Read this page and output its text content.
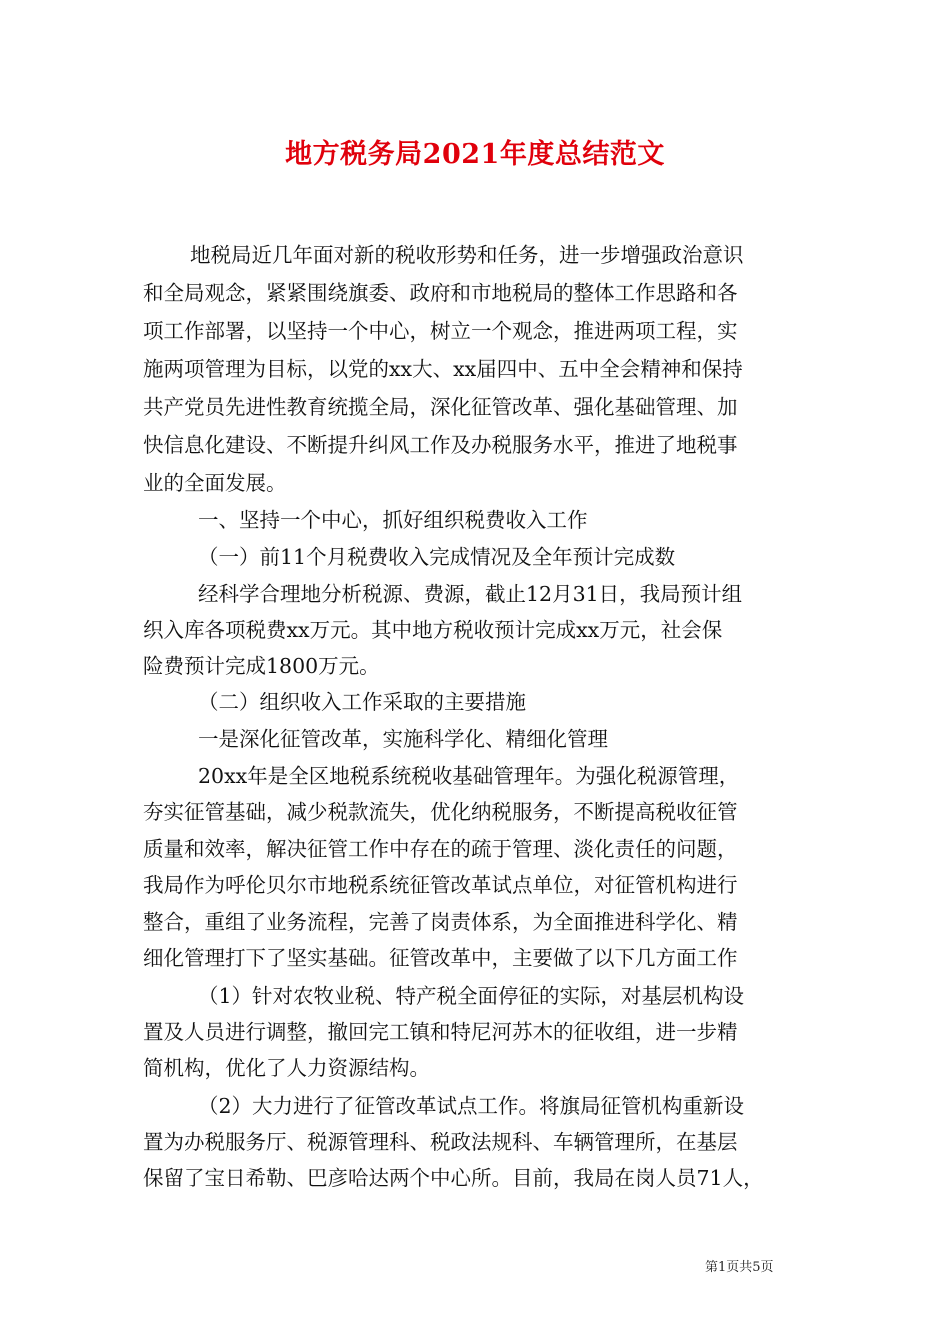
地方税务局2021年度总结范文

地税局近几年面对新的税收形势和任务，进一步增强政治意识

和全局观念，紧紧围绕旗委、政府和市地税局的整体工作思路和各

项工作部署，以坚持一个中心，树立一个观念，推进两项工程，实

施两项管理为目标，以党的xx大、xx届四中、五中全会精神和保持

共产党员先进性教育统揽全局，深化征管改革、强化基础管理、加

快信息化建设、不断提升纠风工作及办税服务水平，推进了地税事

业的全面发展。

一、坚持一个中心，抓好组织税费收入工作

（一）前11个月税费收入完成情况及全年预计完成数

经科学合理地分析税源、费源，截止12月31日，我局预计组

织入库各项税费xx万元。其中地方税收预计完成xx万元，社会保

险费预计完成1800万元。

（二）组织收入工作采取的主要措施

一是深化征管改革，实施科学化、精细化管理

20xx年是全区地税系统税收基础管理年。为强化税源管理，

夯实征管基础，减少税款流失，优化纳税服务，不断提高税收征管

质量和效率，解决征管工作中存在的疏于管理、淡化责任的问题，

我局作为呼伦贝尔市地税系统征管改革试点单位，对征管机构进行

整合，重组了业务流程，完善了岗责体系，为全面推进科学化、精

细化管理打下了坚实基础。征管改革中，主要做了以下几方面工作

（1）针对农牧业税、特产税全面停征的实际，对基层机构设

置及人员进行调整，撤回完工镇和特尼河苏木的征收组，进一步精

简机构，优化了人力资源结构。

（2）大力进行了征管改革试点工作。将旗局征管机构重新设

置为办税服务厅、税源管理科、税政法规科、车辆管理所，在基层

保留了宝日希勒、巴彦哈达两个中心所。目前，我局在岗人员71人，

第1页共5页
